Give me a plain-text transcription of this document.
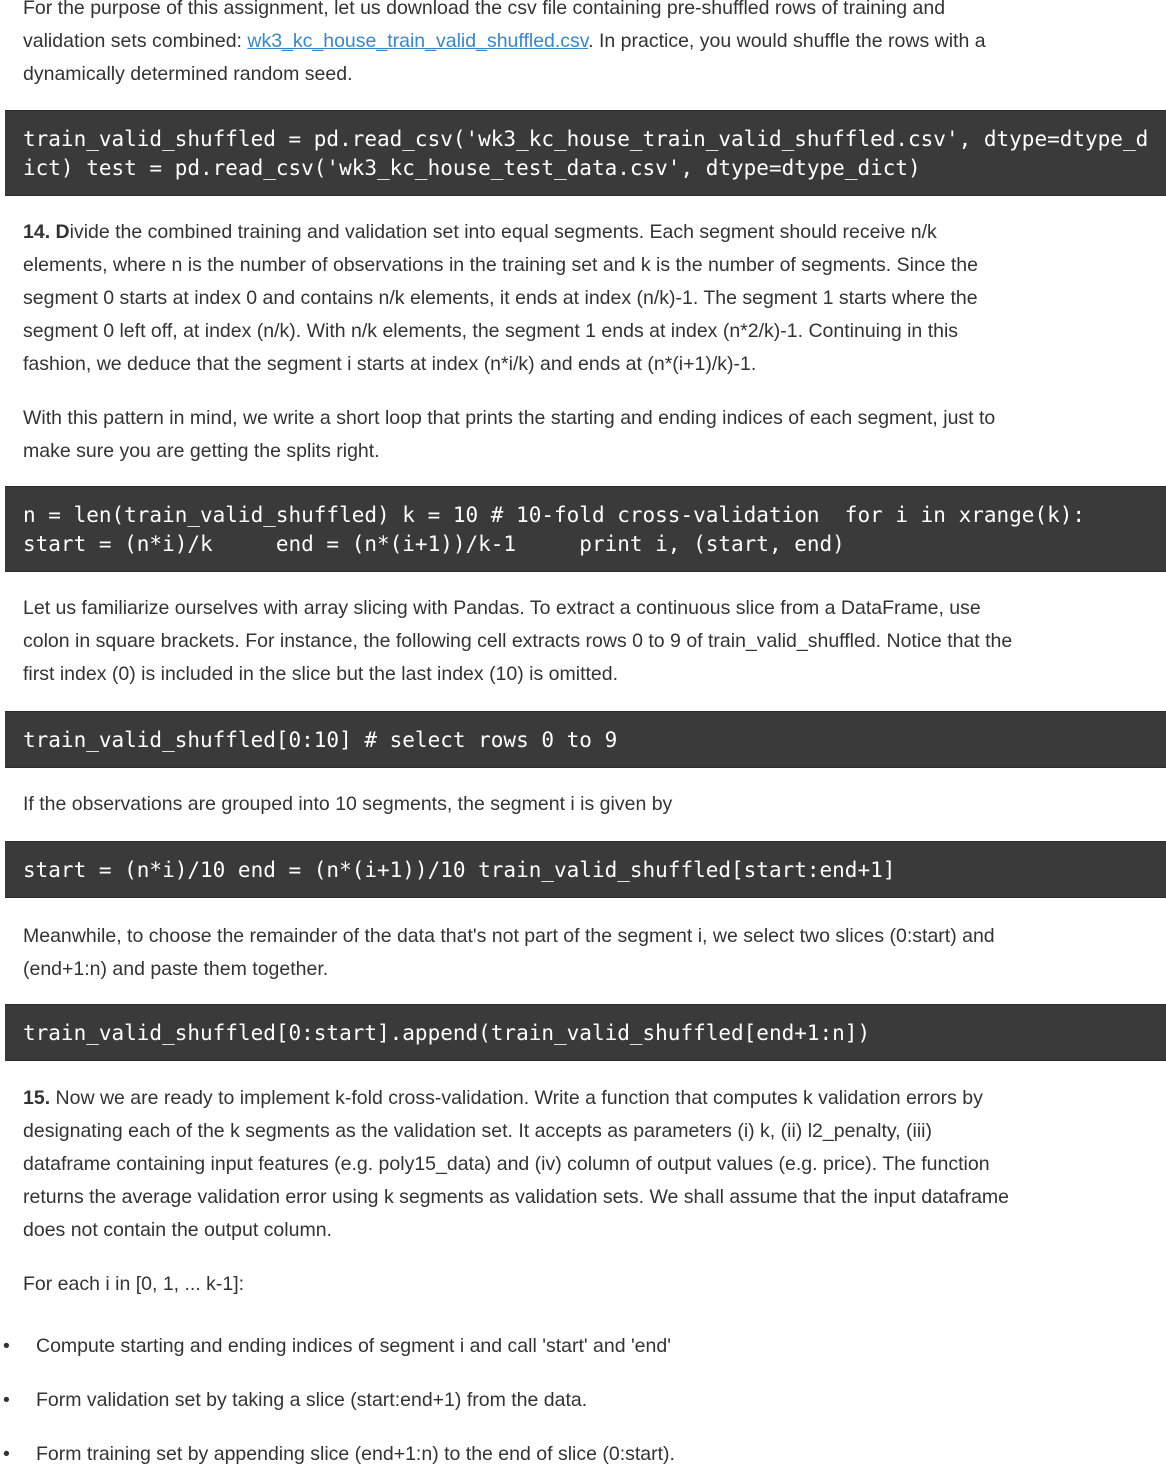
For the purpose of this assignment, let us download the csv file containing pre-shuffled rows of training and
validation sets combined: wk3_kc_house_train_valid_shuffled.csv. In practice, you would shuffle the rows with a
dynamically determined random seed.

train_valid_shuffled = pd.read_csv('wk3_kc_house_train_valid_shuffled.csv', dtype=dtype_d
ict) test = pd.read_csv('wk3_kc_house_test_data.csv', dtype=dtype_dict)

14. Divide the combined training and validation set into equal segments. Each segment should receive n/k
elements, where n is the number of observations in the training set and k is the number of segments. Since the
segment 0 starts at index 0 and contains n/k elements, it ends at index (n/k)-1. The segment 1 starts where the
segment 0 left off, at index (n/k). With n/k elements, the segment 1 ends at index (n*2/k)-1. Continuing in this
fashion, we deduce that the segment i starts at index (n*i/k) and ends at (n*(i+1)/k)-1.

With this pattern in mind, we write a short loop that prints the starting and ending indices of each segment, just to
make sure you are getting the splits right.

n = len(train_valid_shuffled) k = 10 # 10-fold cross-validation  for i in xrange(k):
start = (n*i)/k     end = (n*(i+1))/k-1     print i, (start, end)

Let us familiarize ourselves with array slicing with Pandas. To extract a continuous slice from a DataFrame, use
colon in square brackets. For instance, the following cell extracts rows 0 to 9 of train_valid_shuffled. Notice that the
first index (0) is included in the slice but the last index (10) is omitted.

train_valid_shuffled[0:10] # select rows 0 to 9

If the observations are grouped into 10 segments, the segment i is given by

start = (n*i)/10 end = (n*(i+1))/10 train_valid_shuffled[start:end+1]

Meanwhile, to choose the remainder of the data that's not part of the segment i, we select two slices (0:start) and
(end+1:n) and paste them together.

train_valid_shuffled[0:start].append(train_valid_shuffled[end+1:n])

15. Now we are ready to implement k-fold cross-validation. Write a function that computes k validation errors by
designating each of the k segments as the validation set. It accepts as parameters (i) k, (ii) l2_penalty, (iii)
dataframe containing input features (e.g. poly15_data) and (iv) column of output values (e.g. price). The function
returns the average validation error using k segments as validation sets. We shall assume that the input dataframe
does not contain the output column.

For each i in [0, 1, ... k-1]:

• Compute starting and ending indices of segment i and call 'start' and 'end'
• Form validation set by taking a slice (start:end+1) from the data.
• Form training set by appending slice (end+1:n) to the end of slice (0:start).
